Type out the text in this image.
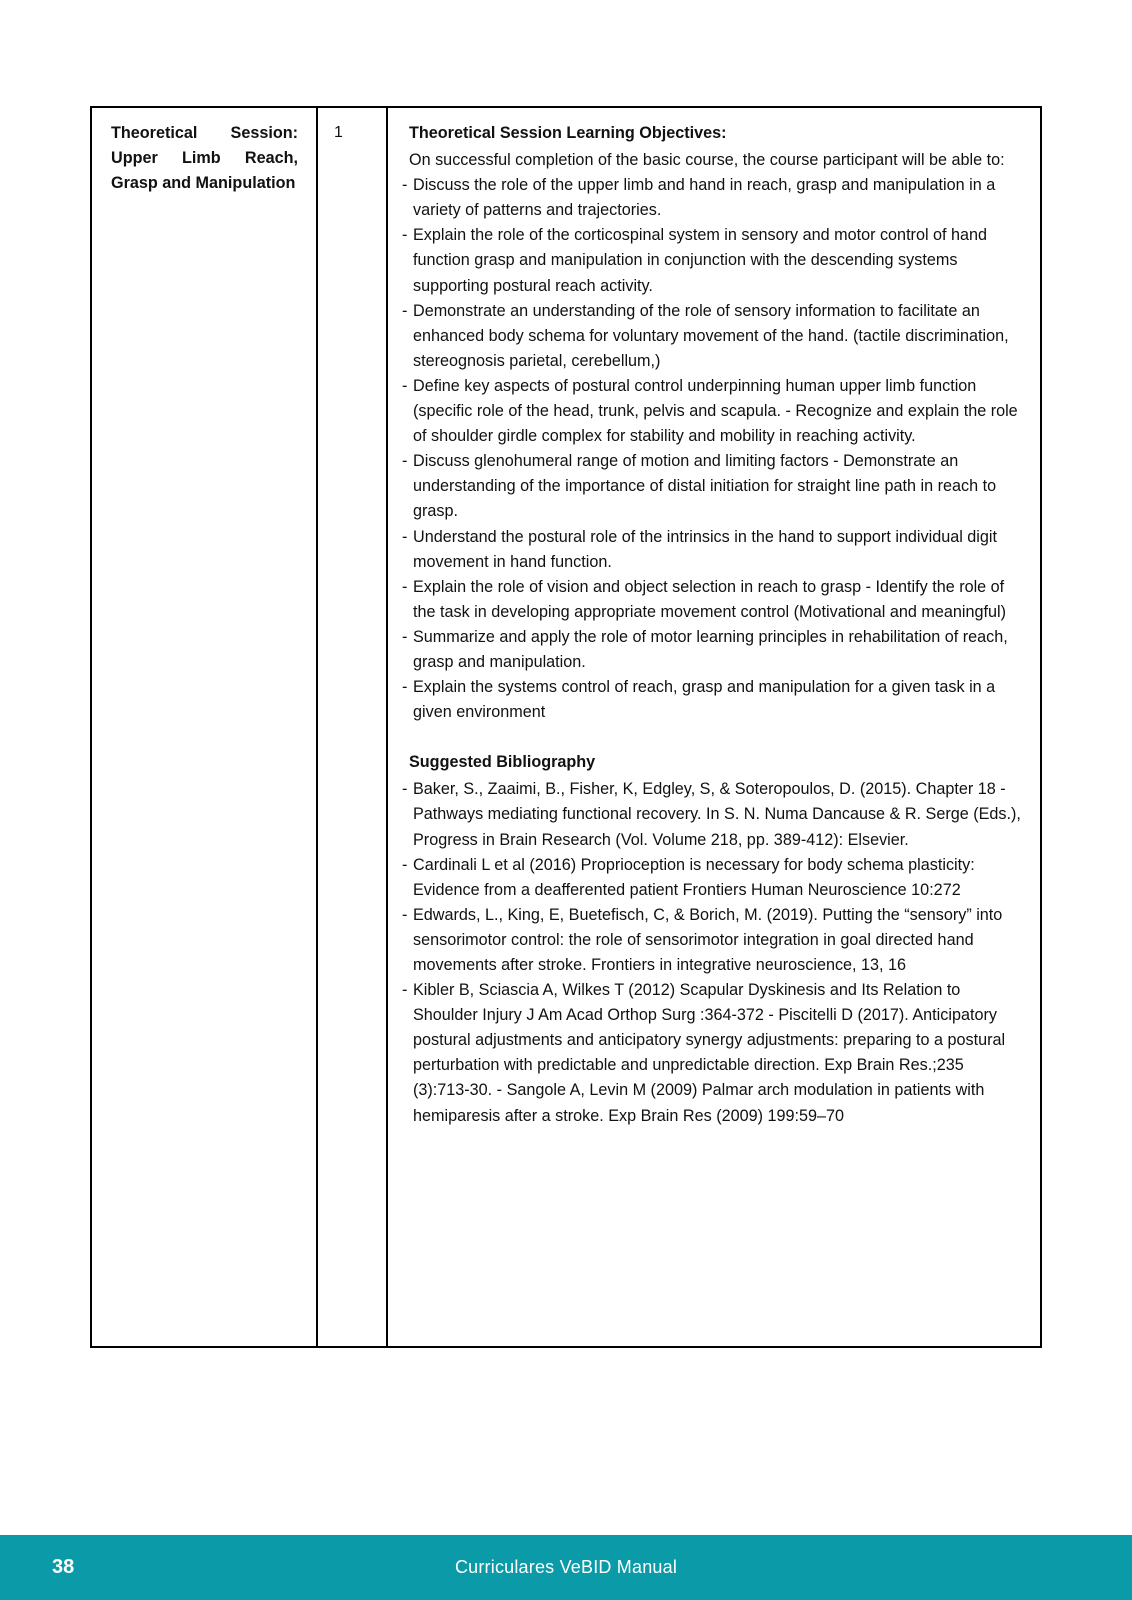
Theoretical Session: Upper Limb Reach, Grasp and Manipulation
1	Theoretical Session Learning Objectives:
On successful completion of the basic course, the course participant will be able to:
- Discuss the role of the upper limb and hand in reach, grasp and manipulation in a variety of patterns and trajectories.
- Explain the role of the corticospinal system in sensory and motor control of hand function grasp and manipulation in conjunction with the descending systems supporting postural reach activity.
- Demonstrate an understanding of the role of sensory information to facilitate an enhanced body schema for voluntary movement of the hand. (tactile discrimination, stereognosis parietal, cerebellum,)
- Define key aspects of postural control underpinning human upper limb function (specific role of the head, trunk, pelvis and scapula. - Recognize and explain the role of shoulder girdle complex for stability and mobility in reaching activity.
- Discuss glenohumeral range of motion and limiting factors - Demonstrate an understanding of the importance of distal initiation for straight line path in reach to grasp.
- Understand the postural role of the intrinsics in the hand to support individual digit movement in hand function.
- Explain the role of vision and object selection in reach to grasp - Identify the role of the task in developing appropriate movement control (Motivational and meaningful)
- Summarize and apply the role of motor learning principles in rehabilitation of reach, grasp and manipulation.
- Explain the systems control of reach, grasp and manipulation for a given task in a given environment
Suggested Bibliography
- Baker, S., Zaaimi, B., Fisher, K, Edgley, S, & Soteropoulos, D. (2015). Chapter 18 - Pathways mediating functional recovery. In S. N. Numa Dancause & R. Serge (Eds.), Progress in Brain Research (Vol. Volume 218, pp. 389-412): Elsevier.
- Cardinali L et al (2016) Proprioception is necessary for body schema plasticity: Evidence from a deafferented patient Frontiers Human Neuroscience 10:272
- Edwards, L., King, E, Buetefisch, C, & Borich, M. (2019). Putting the “sensory” into sensorimotor control: the role of sensorimotor integration in goal directed hand movements after stroke. Frontiers in integrative neuroscience, 13, 16
- Kibler B, Sciascia A, Wilkes T (2012) Scapular Dyskinesis and Its Relation to Shoulder Injury J Am Acad Orthop Surg :364-372 - Piscitelli D (2017). Anticipatory postural adjustments and anticipatory synergy adjustments: preparing to a postural perturbation with predictable and unpredictable direction. Exp Brain Res.;235 (3):713-30. - Sangole A, Levin M (2009) Palmar arch modulation in patients with hemiparesis after a stroke. Exp Brain Res (2009) 199:59–70
38	Curriculares VeBID Manual
